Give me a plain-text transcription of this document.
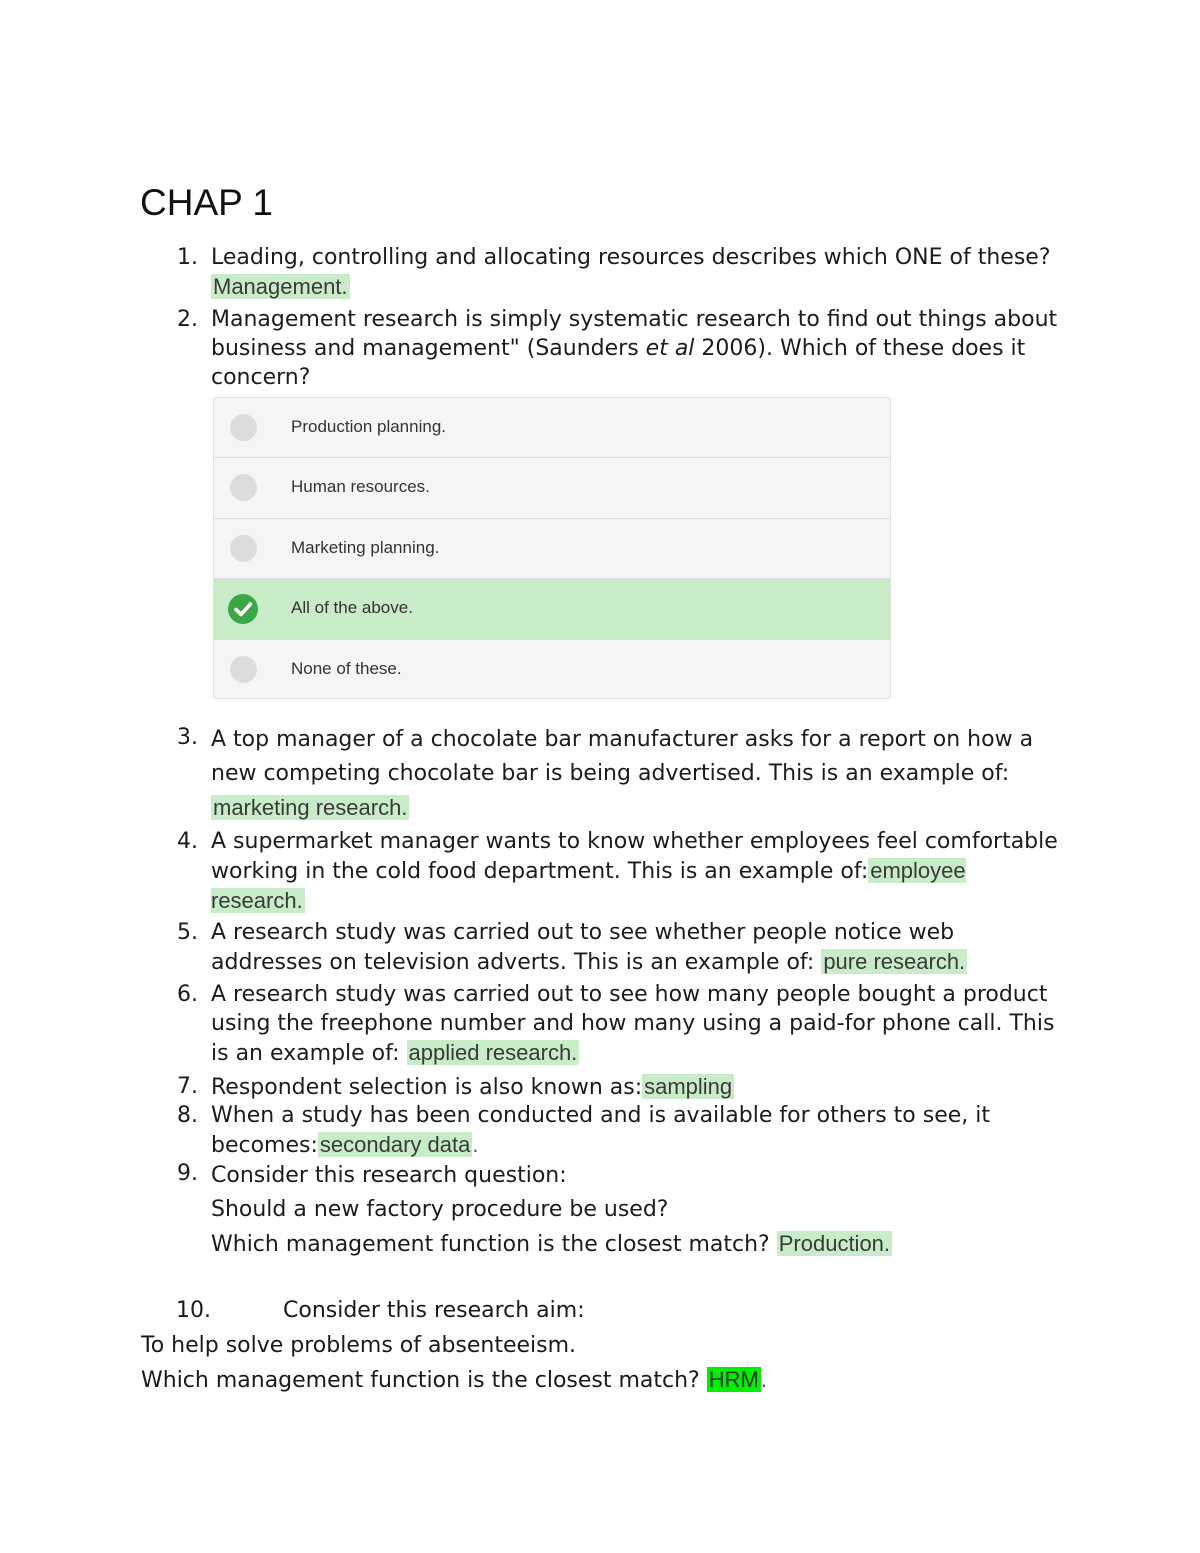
CHAP 1
1. Leading, controlling and allocating resources describes which ONE of these? Management.
2. Management research is simply systematic research to find out things about business and management" (Saunders et al 2006). Which of these does it concern?
Production planning.
Human resources.
Marketing planning.
All of the above.
None of these.
3. A top manager of a chocolate bar manufacturer asks for a report on how a new competing chocolate bar is being advertised. This is an example of: marketing research.
4. A supermarket manager wants to know whether employees feel comfortable working in the cold food department. This is an example of:employee research.
5. A research study was carried out to see whether people notice web addresses on television adverts. This is an example of: pure research.
6. A research study was carried out to see how many people bought a product using the freephone number and how many using a paid-for phone call. This is an example of: applied research.
7. Respondent selection is also known as:sampling
8. When a study has been conducted and is available for others to see, it becomes:secondary data.
9. Consider this research question:
Should a new factory procedure be used?
Which management function is the closest match? Production.
10.	Consider this research aim:
To help solve problems of absenteeism.
Which management function is the closest match? HRM.
